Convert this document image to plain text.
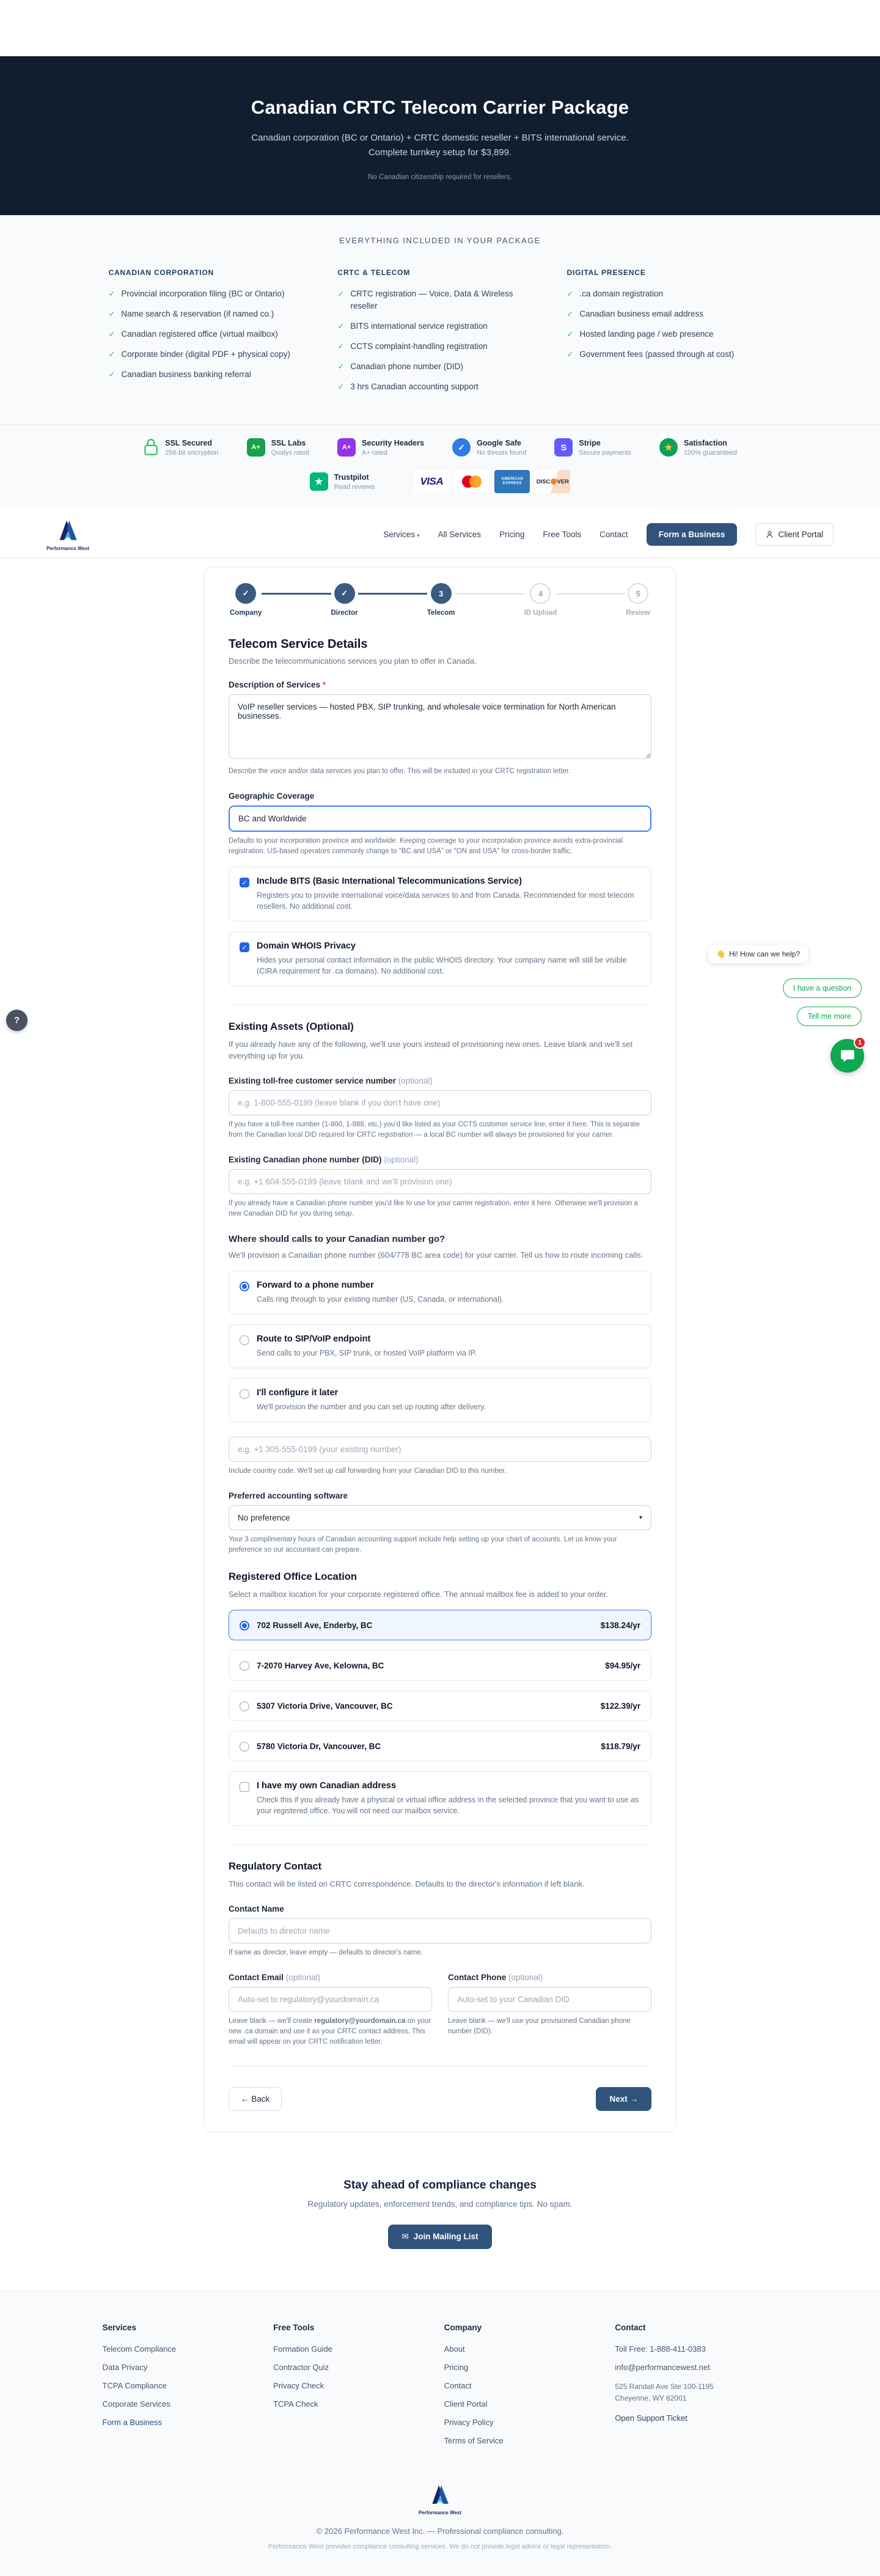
Canadian CRTC Telecom Carrier Package

Canadian corporation (BC or Ontario) + CRTC domestic reseller + BITS international service. Complete turnkey setup for $3,899.

No Canadian citizenship required for resellers.

EVERYTHING INCLUDED IN YOUR PACKAGE
CANADIAN CORPORATION
✓ Provincial incorporation filing (BC or Ontario)
✓ Name search & reservation (if named co.)
✓ Canadian registered office (virtual mailbox)
✓ Corporate binder (digital PDF + physical copy)
✓ Canadian business banking referral
CRTC & TELECOM
✓ CRTC registration — Voice, Data & Wireless reseller
✓ BITS international service registration
✓ CCTS complaint-handling registration
✓ Canadian phone number (DID)
✓ 3 hrs Canadian accounting support
DIGITAL PRESENCE
✓ .ca domain registration
✓ Canadian business email address
✓ Hosted landing page / web presence
✓ Government fees (passed through at cost)
SSL Secured
256-bit encryption
A+
SSL Labs
Qualys rated
A+
Security Headers
A+ rated
✓	Google Safe
No threats found
S	Stripe
Secure payments	★	Satisfaction
100% guaranteed
★	Trustpilot
Read reviews	VISA	AMERICAN EXPRESS	DISC VER
Performance West
Services ▾ All Services Pricing Free Tools Contact	Form a Business	Client Portal
✓
Company
✓
Director
3
Telecom
4
ID Upload
5
Review
Telecom Service Details
Describe the telecommunications services you plan to offer in Canada.
Description of Services *
VoIP reseller services — hosted PBX, SIP trunking, and wholesale voice termination for North American businesses.
Describe the voice and/or data services you plan to offer. This will be included in your CRTC registration letter.
Geographic Coverage
BC and Worldwide
Defaults to your incorporation province and worldwide. Keeping coverage to your incorporation province avoids extra-provincial registration. US-based operators commonly change to "BC and USA" or "ON and USA" for cross-border traffic.
✓ Include BITS (Basic International Telecommunications Service)
Registers you to provide international voice/data services to and from Canada. Recommended for most telecom resellers. No additional cost.
✓ Domain WHOIS Privacy
Hides your personal contact information in the public WHOIS directory. Your company name will still be visible (CIRA requirement for .ca domains). No additional cost.
Existing Assets (Optional)
If you already have any of the following, we'll use yours instead of provisioning new ones. Leave blank and we'll set everything up for you.
Existing toll-free customer service number (optional)
e.g. 1-800-555-0199 (leave blank if you don't have one)
If you have a toll-free number (1-800, 1-888, etc.) you'd like listed as your CCTS customer service line, enter it here. This is separate from the Canadian local DID required for CRTC registration — a local BC number will always be provisioned for your carrier.
Existing Canadian phone number (DID) (optional)
e.g. +1 604-555-0199 (leave blank and we'll provision one)
If you already have a Canadian phone number you'd like to use for your carrier registration, enter it here. Otherwise we'll provision a new Canadian DID for you during setup.
Where should calls to your Canadian number go?
We'll provision a Canadian phone number (604/778 BC area code) for your carrier. Tell us how to route incoming calls.
Forward to a phone number
Calls ring through to your existing number (US, Canada, or international).
Route to SIP/VoIP endpoint
Send calls to your PBX, SIP trunk, or hosted VoIP platform via IP.
I'll configure it later
We'll provision the number and you can set up routing after delivery.
e.g. +1 305-555-0199 (your existing number)
Include country code. We'll set up call forwarding from your Canadian DID to this number.
Preferred accounting software
No preference	▾
Your 3 complimentary hours of Canadian accounting support include help setting up your chart of accounts. Let us know your preference so our accountant can prepare.
Registered Office Location
Select a mailbox location for your corporate registered office. The annual mailbox fee is added to your order.
702 Russell Ave, Enderby, BC	$138.24/yr
7-2070 Harvey Ave, Kelowna, BC	$94.95/yr
5307 Victoria Drive, Vancouver, BC	$122.39/yr
5780 Victoria Dr, Vancouver, BC	$118.79/yr
I have my own Canadian address
Check this if you already have a physical or virtual office address in the selected province that you want to use as your registered office. You will not need our mailbox service.
Regulatory Contact
This contact will be listed on CRTC correspondence. Defaults to the director's information if left blank.
Contact Name
Defaults to director name
If same as director, leave empty — defaults to director's name.
Contact Email (optional)
Auto-set to regulatory@yourdomain.ca
Leave blank — we'll create regulatory@yourdomain.ca on your new .ca domain and use it as your CRTC contact address. This email will appear on your CRTC notification letter.
Contact Phone (optional)
Auto-set to your Canadian DID
Leave blank — we'll use your provisioned Canadian phone number (DID).
← Back	Next →
Stay ahead of compliance changes

Regulatory updates, enforcement trends, and compliance tips. No spam.

✉ Join Mailing List
Services
Telecom Compliance
Data Privacy
TCPA Compliance
Corporate Services
Form a Business
Free Tools
Formation Guide
Contractor Quiz
Privacy Check
TCPA Check
Company
About
Pricing
Contact
Client Portal
Privacy Policy
Terms of Service
Contact
Toll Free: 1-888-411-0383
info@performancewest.net
525 Randall Ave Ste 100-1195
Cheyenne, WY 82001
Open Support Ticket
Performance West
© 2026 Performance West Inc. — Professional compliance consulting.
Performance West provides compliance consulting services. We do not provide legal advice or legal representation.
?
👋 Hi! How can we help?
I have a question
Tell me more
1
